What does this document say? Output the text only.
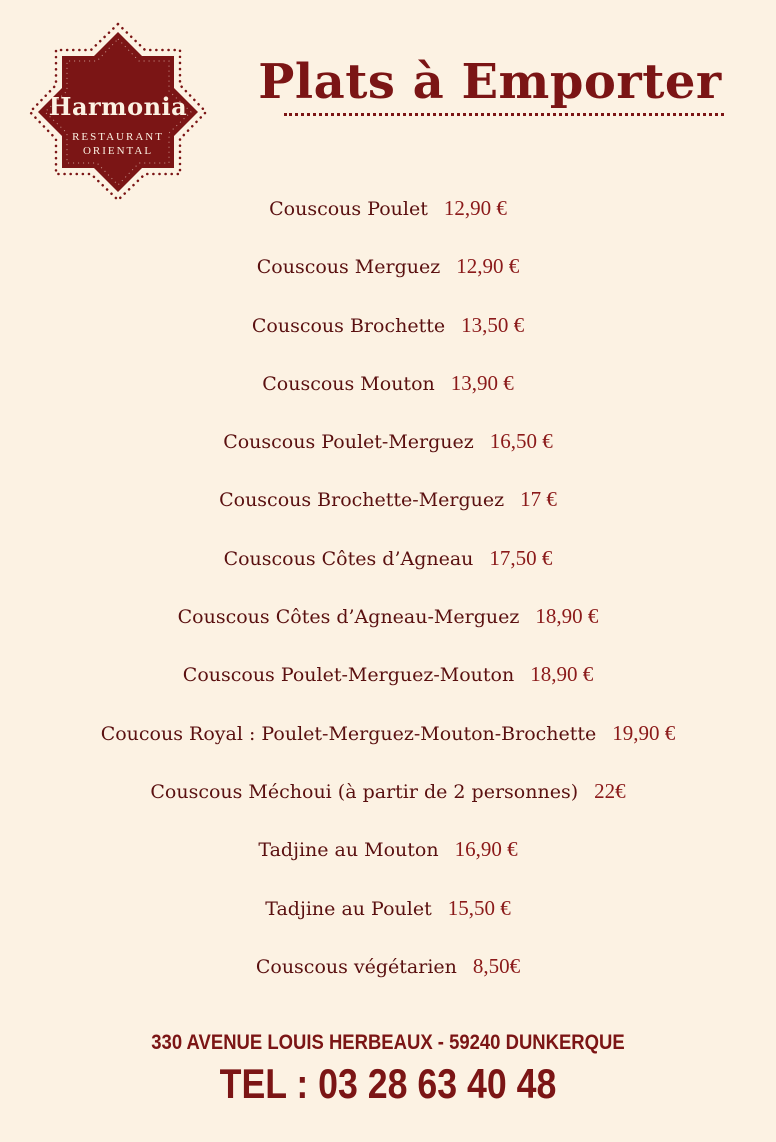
Harmonia
RESTAURANT
ORIENTAL
Plats à Emporter
Couscous Poulet 12,90 €
Couscous Merguez 12,90 €
Couscous Brochette 13,50 €
Couscous Mouton 13,90 €
Couscous Poulet-Merguez 16,50 €
Couscous Brochette-Merguez 17 €
Couscous Côtes d’Agneau 17,50 €
Couscous Côtes d’Agneau-Merguez 18,90 €
Couscous Poulet-Merguez-Mouton 18,90 €
Coucous Royal : Poulet-Merguez-Mouton-Brochette 19,90 €
Couscous Méchoui (à partir de 2 personnes) 22€
Tadjine au Mouton 16,90 €
Tadjine au Poulet 15,50 €
Couscous végétarien 8,50€
330 AVENUE LOUIS HERBEAUX - 59240 DUNKERQUE
TEL : 03 28 63 40 48
